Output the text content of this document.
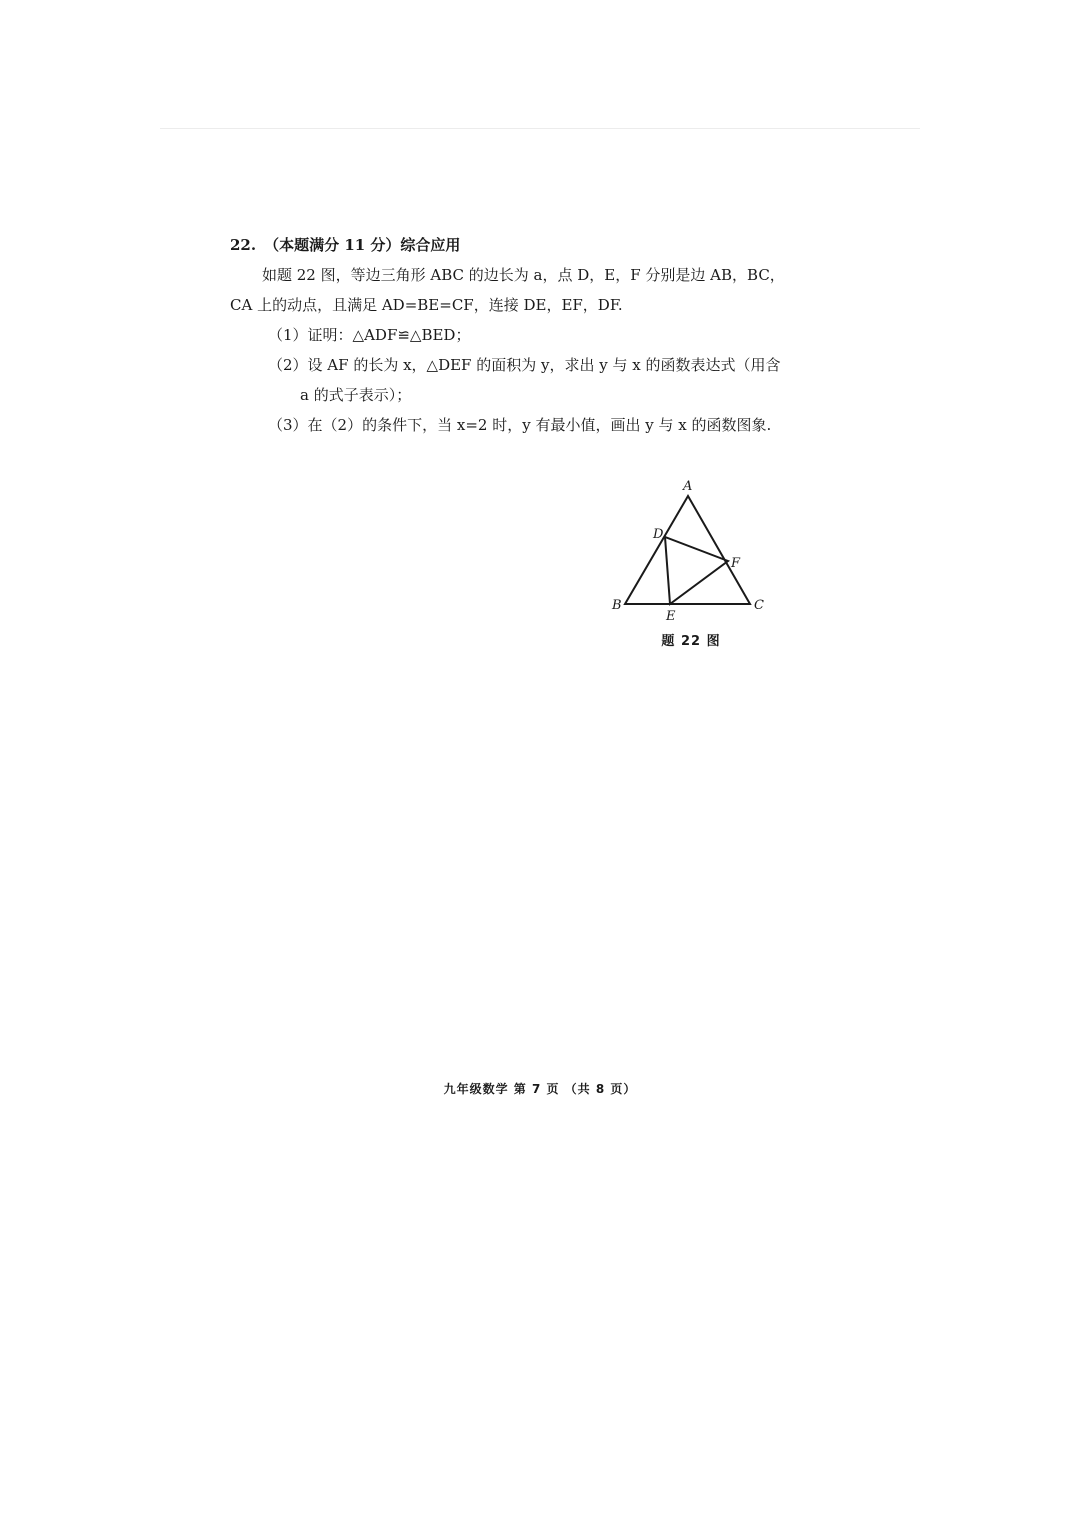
22. （本题满分 11 分）综合应用

如题 22 图，等边三角形 ABC 的边长为 a，点 D，E，F 分别是边 AB，BC，

CA 上的动点，且满足 AD=BE=CF，连接 DE，EF，DF.

（1）证明：△ADF≌△BED；

（2）设 AF 的长为 x，△DEF 的面积为 y，求出 y 与 x 的函数表达式（用含

a 的式子表示）；

（3）在（2）的条件下，当 x=2 时，y 有最小值，画出 y 与 x 的函数图象.

A
D
F
B
E
C
题 22 图
九年级数学 第 7 页 （共 8 页）
